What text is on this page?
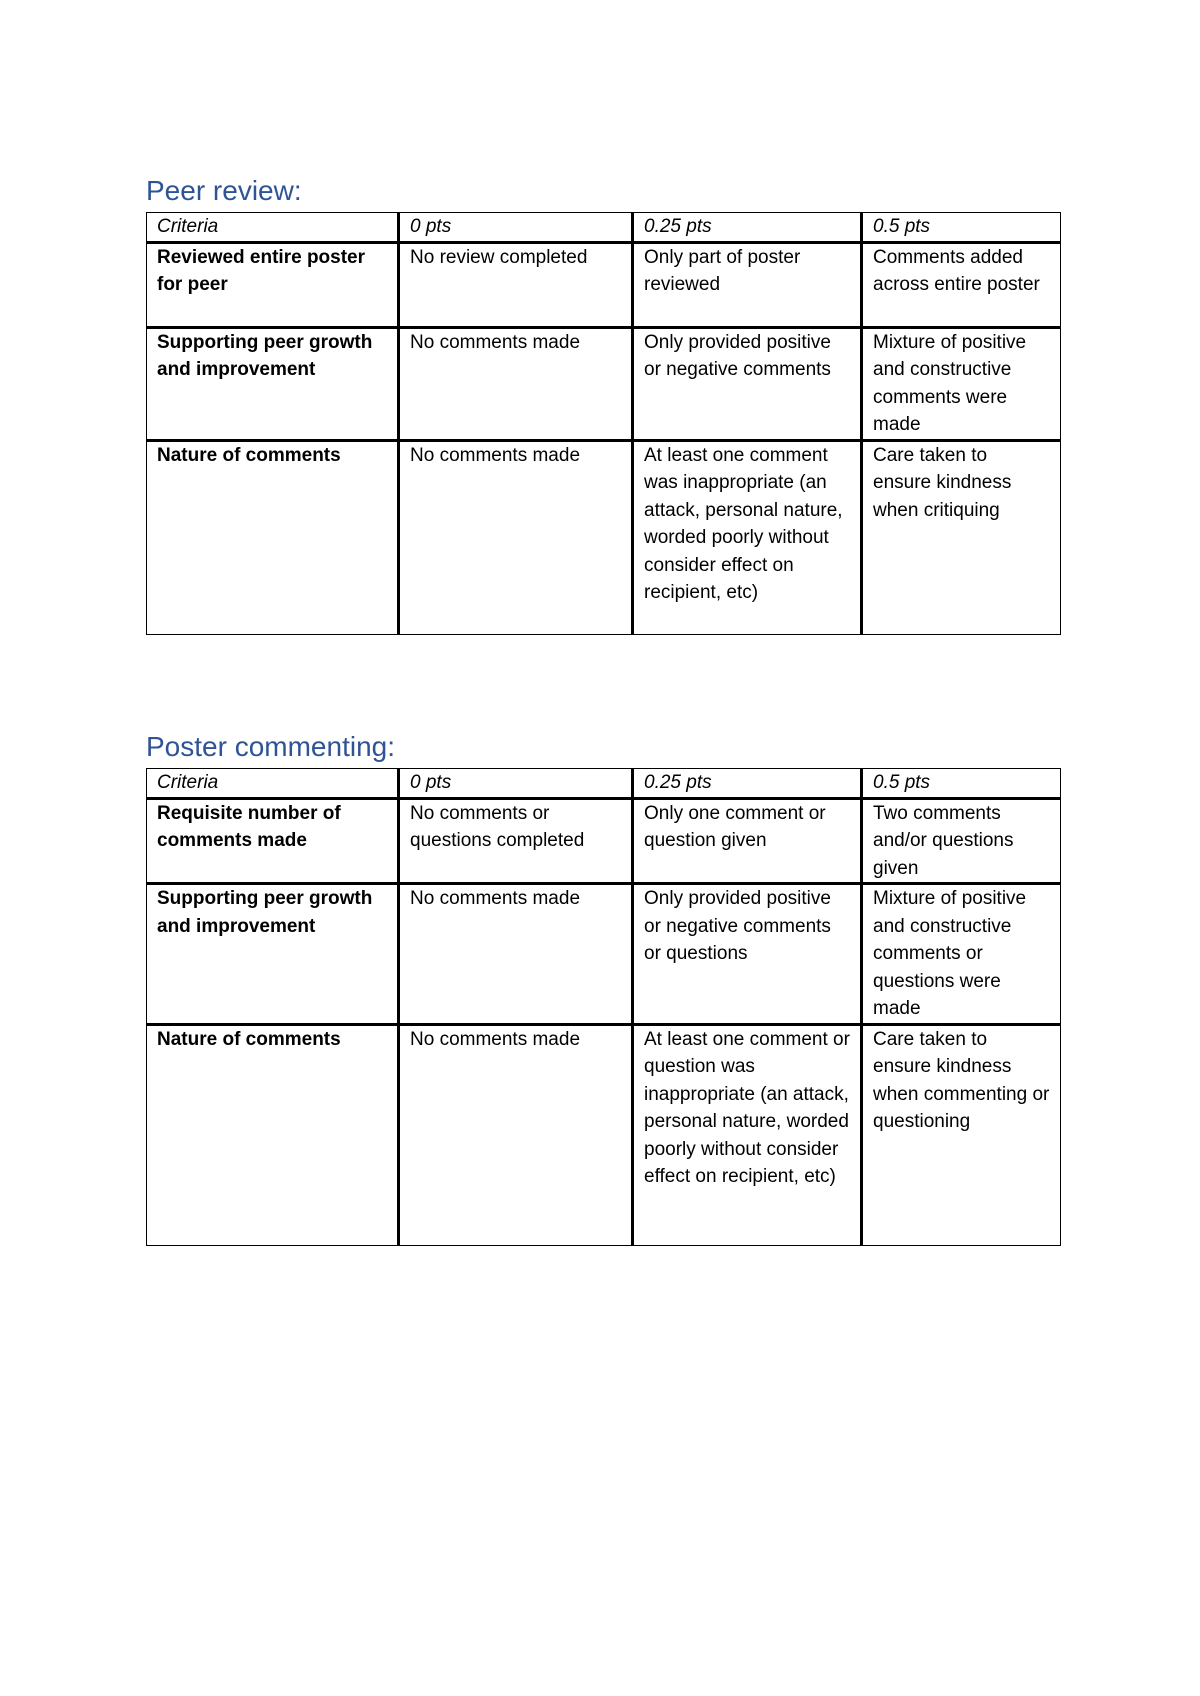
Peer review:
Criteria	0 pts	0.25 pts	0.5 pts
Reviewed entire poster for peer	No review completed	Only part of poster reviewed	Comments added across entire poster
Supporting peer growth and improvement	No comments made	Only provided positive or negative comments	Mixture of positive and constructive comments were made
Nature of comments	No comments made	At least one comment was inappropriate (an attack, personal nature, worded poorly without consider effect on recipient, etc)	Care taken to ensure kindness when critiquing
Poster commenting:
Criteria	0 pts	0.25 pts	0.5 pts
Requisite number of comments made	No comments or questions completed	Only one comment or question given	Two comments and/or questions given
Supporting peer growth and improvement	No comments made	Only provided positive or negative comments or questions	Mixture of positive and constructive comments or questions were made
Nature of comments	No comments made	At least one comment or question was inappropriate (an attack, personal nature, worded poorly without consider effect on recipient, etc)	Care taken to ensure kindness when commenting or questioning
